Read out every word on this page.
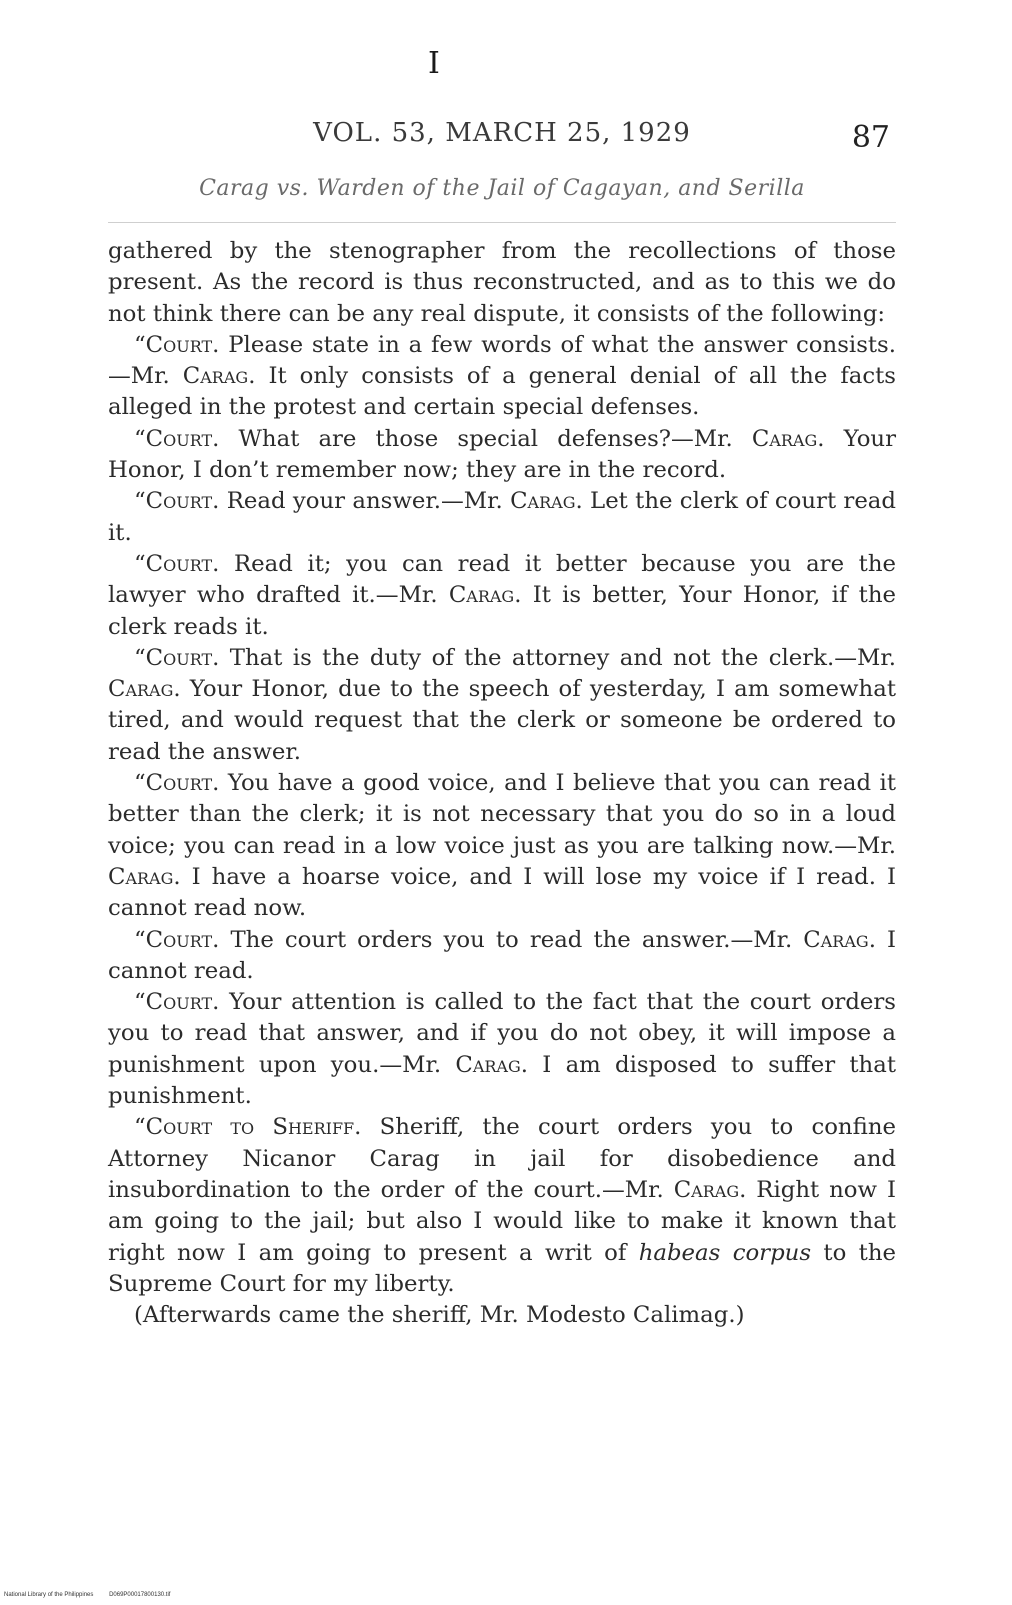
I
VOL. 53, MARCH 25, 1929	87
Carag vs. Warden of the Jail of Cagayan, and Serilla

gathered by the stenographer from the recollections of those present. As the record is thus reconstructed, and as to this we do not think there can be any real dispute, it consists of the following:

“Court. Please state in a few words of what the answer consists.—Mr. Carag. It only consists of a general denial of all the facts alleged in the protest and certain special defenses.

“Court. What are those special defenses?—Mr. Carag. Your Honor, I don’t remember now; they are in the record.

“Court. Read your answer.—Mr. Carag. Let the clerk of court read it.

“Court. Read it; you can read it better because you are the lawyer who drafted it.—Mr. Carag. It is better, Your Honor, if the clerk reads it.

“Court. That is the duty of the attorney and not the clerk.—Mr. Carag. Your Honor, due to the speech of yesterday, I am somewhat tired, and would request that the clerk or someone be ordered to read the answer.

“Court. You have a good voice, and I believe that you can read it better than the clerk; it is not necessary that you do so in a loud voice; you can read in a low voice just as you are talking now.—Mr. Carag. I have a hoarse voice, and I will lose my voice if I read. I cannot read now.

“Court. The court orders you to read the answer.—Mr. Carag. I cannot read.

“Court. Your attention is called to the fact that the court orders you to read that answer, and if you do not obey, it will impose a punishment upon you.—Mr. Carag. I am disposed to suffer that punishment.

“Court to Sheriff. Sheriff, the court orders you to confine Attorney Nicanor Carag in jail for disobedience and insubordination to the order of the court.—Mr. Carag. Right now I am going to the jail; but also I would like to make it known that right now I am going to present a writ of habeas corpus to the Supreme Court for my liberty.

(Afterwards came the sheriff, Mr. Modesto Calimag.)

National Library of the Philippines	D069P00017800130.tif
